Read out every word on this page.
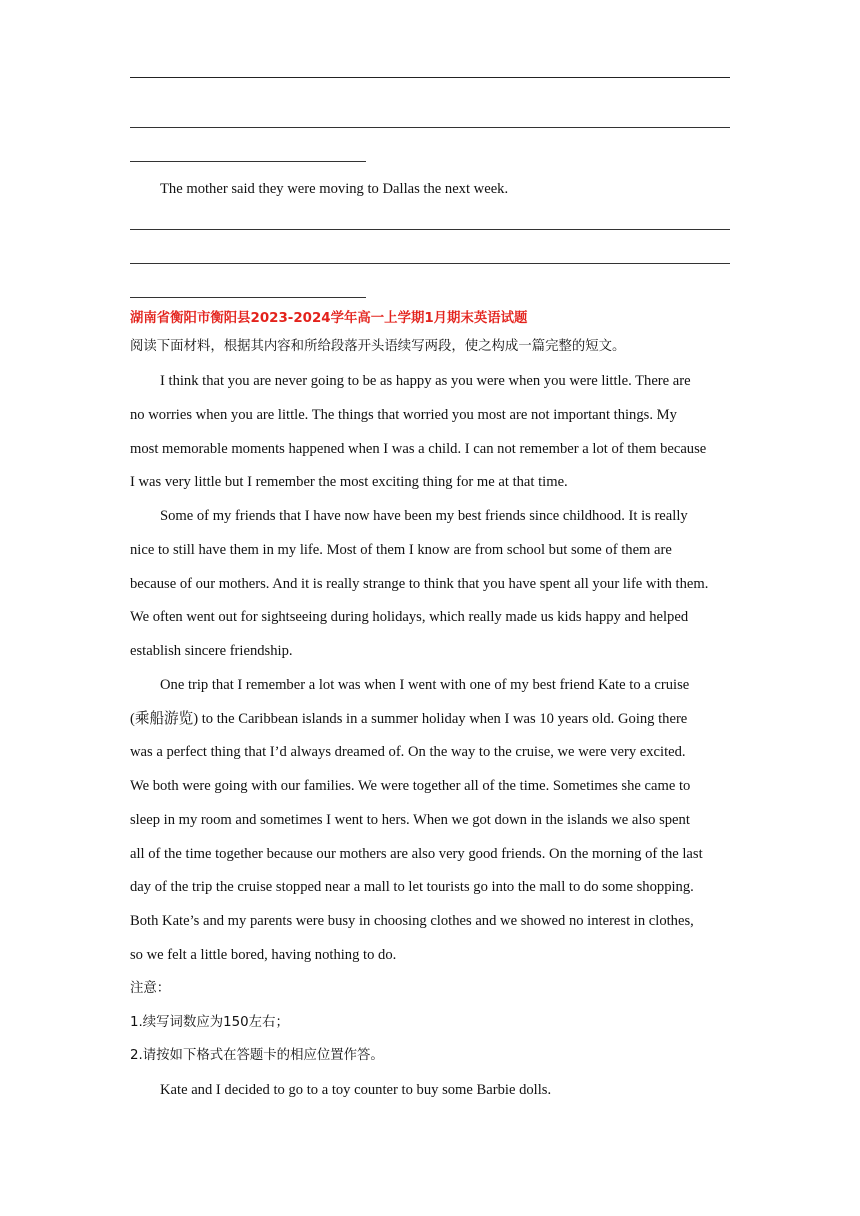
The mother said they were moving to Dallas the next week.
湖南省衡阳市衡阳县2023-2024学年高一上学期1月期末英语试题
阅读下面材料，根据其内容和所给段落开头语续写两段，使之构成一篇完整的短文。
I think that you are never going to be as happy as you were when you were little. There are
no worries when you are little. The things that worried you most are not important things. My
most memorable moments happened when I was a child. I can not remember a lot of them because
I was very little but I remember the most exciting thing for me at that time.
Some of my friends that I have now have been my best friends since childhood. It is really
nice to still have them in my life. Most of them I know are from school but some of them are
because of our mothers. And it is really strange to think that you have spent all your life with them.
We often went out for sightseeing during holidays, which really made us kids happy and helped
establish sincere friendship.
One trip that I remember a lot was when I went with one of my best friend Kate to a cruise
(乘船游览) to the Caribbean islands in a summer holiday when I was 10 years old. Going there
was a perfect thing that I’d always dreamed of. On the way to the cruise, we were very excited.
We both were going with our families. We were together all of the time. Sometimes she came to
sleep in my room and sometimes I went to hers. When we got down in the islands we also spent
all of the time together because our mothers are also very good friends. On the morning of the last
day of the trip the cruise stopped near a mall to let tourists go into the mall to do some shopping.
Both Kate’s and my parents were busy in choosing clothes and we showed no interest in clothes,
so we felt a little bored, having nothing to do.
注意：
1.续写词数应为150左右；
2.请按如下格式在答题卡的相应位置作答。
Kate and I decided to go to a toy counter to buy some Barbie dolls.
